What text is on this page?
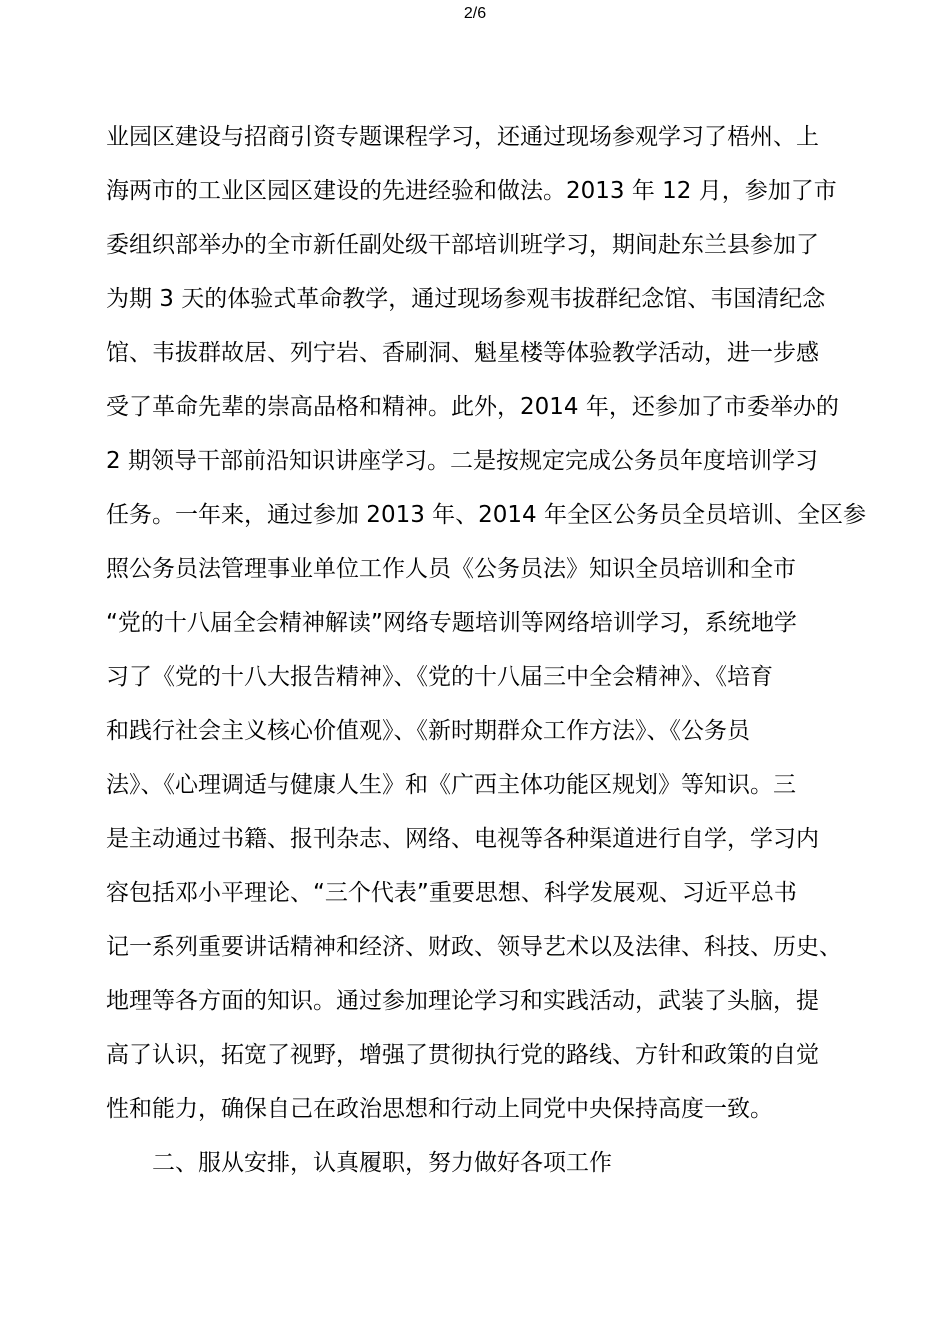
2/6
业园区建设与招商引资专题课程学习，还通过现场参观学习了梧州、上
海两市的工业区园区建设的先进经验和做法。2013 年 12 月，参加了市
委组织部举办的全市新任副处级干部培训班学习，期间赴东兰县参加了
为期 3 天的体验式革命教学，通过现场参观韦拔群纪念馆、韦国清纪念
馆、韦拔群故居、列宁岩、香刷洞、魁星楼等体验教学活动，进一步感
受了革命先辈的崇高品格和精神。此外，2014 年，还参加了市委举办的
2 期领导干部前沿知识讲座学习。二是按规定完成公务员年度培训学习
任务。一年来，通过参加 2013 年、2014 年全区公务员全员培训、全区参
照公务员法管理事业单位工作人员《公务员法》知识全员培训和全市
“党的十八届全会精神解读”网络专题培训等网络培训学习，系统地学
习了《党的十八大报告精神》、《党的十八届三中全会精神》、《培育
和践行社会主义核心价值观》、《新时期群众工作方法》、《公务员
法》、《心理调适与健康人生》和《广西主体功能区规划》等知识。三
是主动通过书籍、报刊杂志、网络、电视等各种渠道进行自学，学习内
容包括邓小平理论、“三个代表”重要思想、科学发展观、习近平总书
记一系列重要讲话精神和经济、财政、领导艺术以及法律、科技、历史、
地理等各方面的知识。通过参加理论学习和实践活动，武装了头脑，提
高了认识，拓宽了视野，增强了贯彻执行党的路线、方针和政策的自觉
性和能力，确保自己在政治思想和行动上同党中央保持高度一致。
二、服从安排，认真履职，努力做好各项工作
